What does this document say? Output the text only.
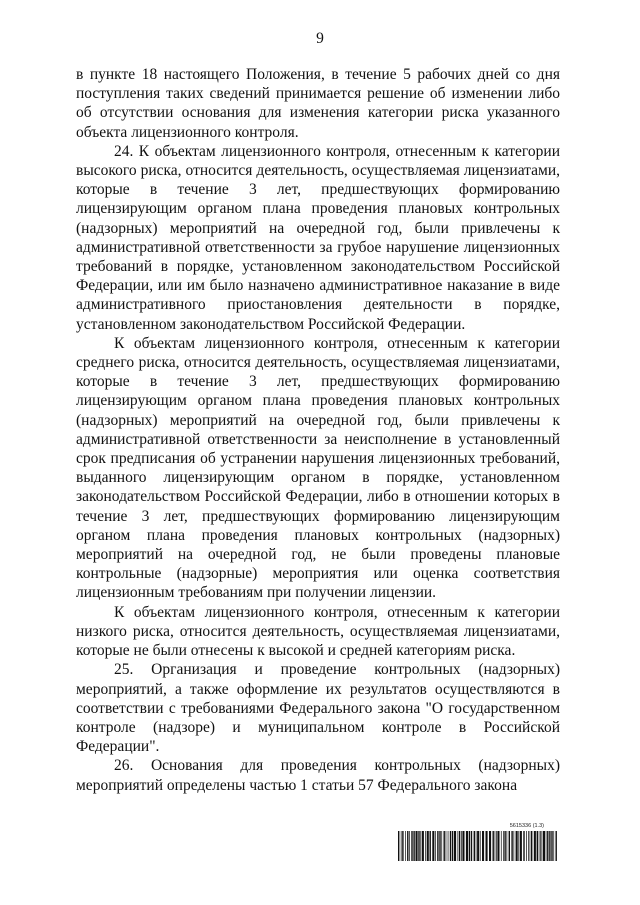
9

в пункте 18 настоящего Положения, в течение 5 рабочих дней со дня поступления таких сведений принимается решение об изменении либо об отсутствии основания для изменения категории риска указанного объекта лицензионного контроля.

24. К объектам лицензионного контроля, отнесенным к категории высокого риска, относится деятельность, осуществляемая лицензиатами, которые в течение 3 лет, предшествующих формированию лицензирующим органом плана проведения плановых контрольных (надзорных) мероприятий на очередной год, были привлечены к административной ответственности за грубое нарушение лицензионных требований в порядке, установленном законодательством Российской Федерации, или им было назначено административное наказание в виде административного приостановления деятельности в порядке, установленном законодательством Российской Федерации.

К объектам лицензионного контроля, отнесенным к категории среднего риска, относится деятельность, осуществляемая лицензиатами, которые в течение 3 лет, предшествующих формированию лицензирующим органом плана проведения плановых контрольных (надзорных) мероприятий на очередной год, были привлечены к административной ответственности за неисполнение в установленный срок предписания об устранении нарушения лицензионных требований, выданного лицензирующим органом в порядке, установленном законодательством Российской Федерации, либо в отношении которых в течение 3 лет, предшествующих формированию лицензирующим органом плана проведения плановых контрольных (надзорных) мероприятий на очередной год, не были проведены плановые контрольные (надзорные) мероприятия или оценка соответствия лицензионным требованиям при получении лицензии.

К объектам лицензионного контроля, отнесенным к категории низкого риска, относится деятельность, осуществляемая лицензиатами, которые не были отнесены к высокой и средней категориям риска.

25. Организация и проведение контрольных (надзорных) мероприятий, а также оформление их результатов осуществляются в соответствии с требованиями Федерального закона "О государственном контроле (надзоре) и муниципальном контроле в Российской Федерации".

26. Основания для проведения контрольных (надзорных) мероприятий определены частью 1 статьи 57 Федерального закона

5615336 (1.3)
